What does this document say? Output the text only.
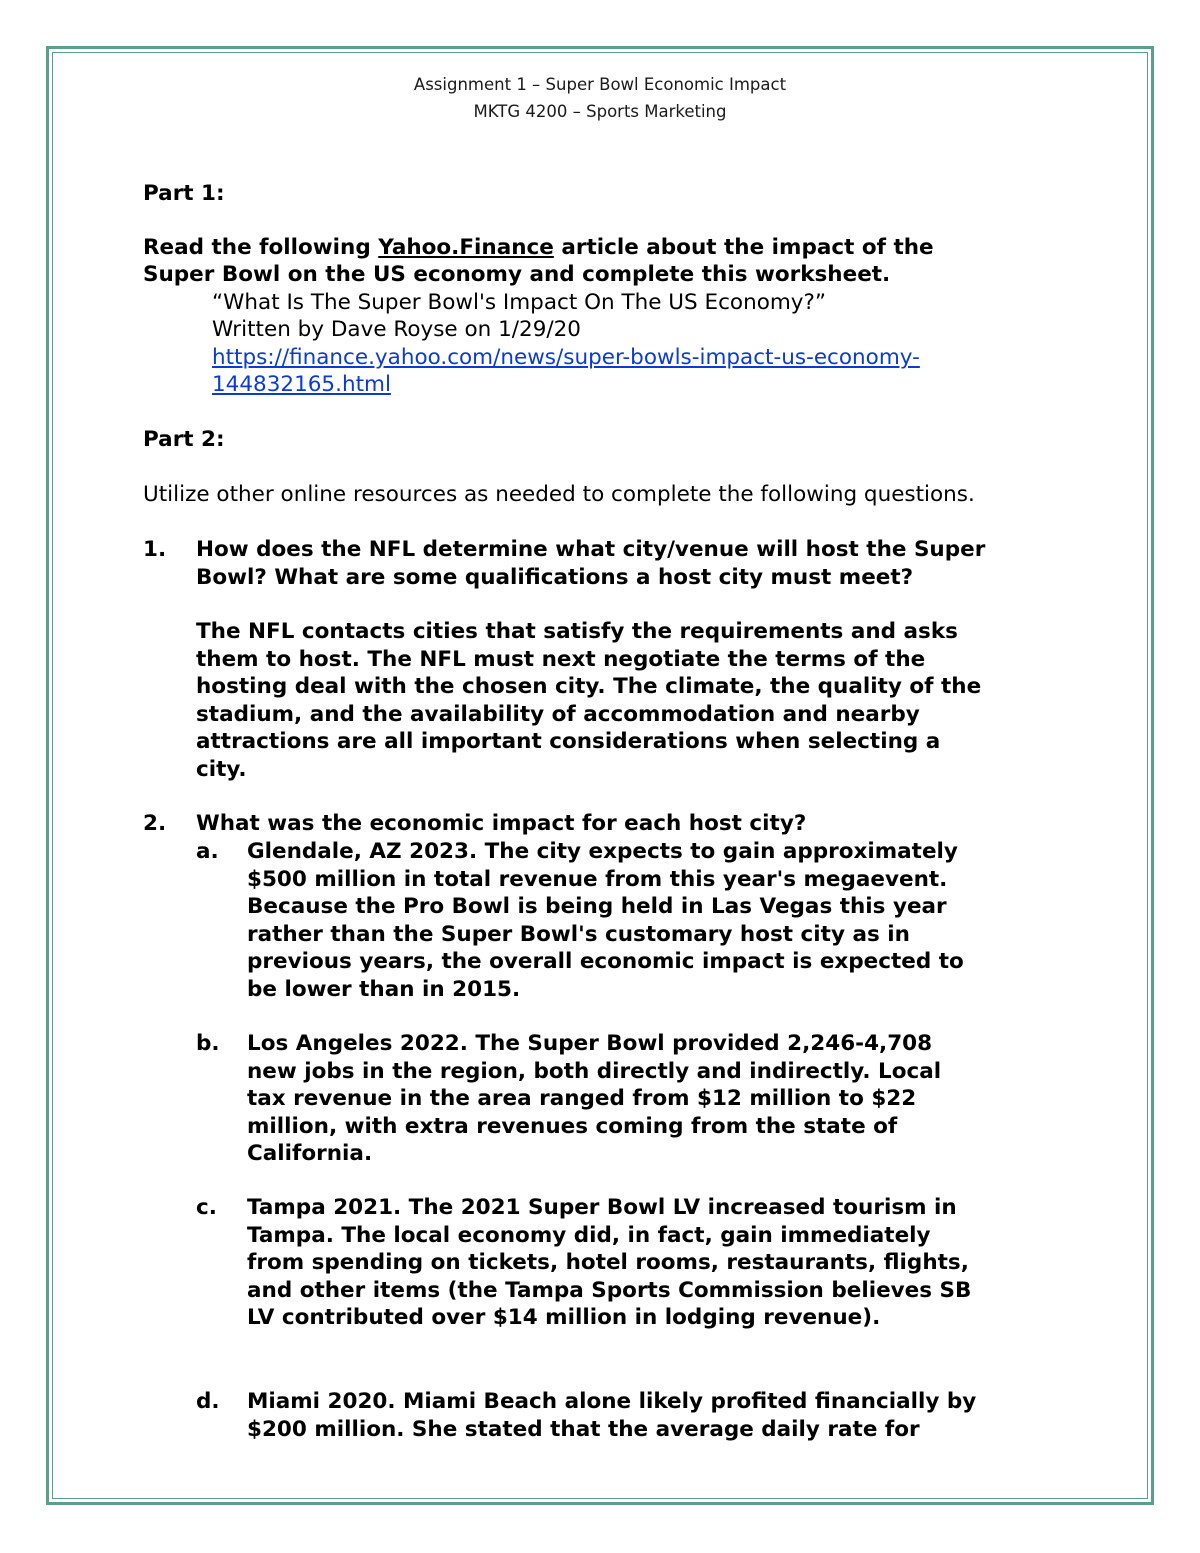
Assignment 1 – Super Bowl Economic Impact
MKTG 4200 – Sports Marketing
Part 1:
Read the following Yahoo.Finance article about the impact of the
Super Bowl on the US economy and complete this worksheet.
“What Is The Super Bowl's Impact On The US Economy?”
Written by Dave Royse on 1/29/20
https://finance.yahoo.com/news/super-bowls-impact-us-economy-
144832165.html
Part 2:
Utilize other online resources as needed to complete the following questions.
1. How does the NFL determine what city/venue will host the Super
Bowl? What are some qualifications a host city must meet?
The NFL contacts cities that satisfy the requirements and asks
them to host. The NFL must next negotiate the terms of the
hosting deal with the chosen city. The climate, the quality of the
stadium, and the availability of accommodation and nearby
attractions are all important considerations when selecting a
city.
2. What was the economic impact for each host city?
a. Glendale, AZ 2023. The city expects to gain approximately
$500 million in total revenue from this year's megaevent.
Because the Pro Bowl is being held in Las Vegas this year
rather than the Super Bowl's customary host city as in
previous years, the overall economic impact is expected to
be lower than in 2015.
b. Los Angeles 2022. The Super Bowl provided 2,246-4,708
new jobs in the region, both directly and indirectly. Local
tax revenue in the area ranged from $12 million to $22
million, with extra revenues coming from the state of
California.
c. Tampa 2021. The 2021 Super Bowl LV increased tourism in
Tampa. The local economy did, in fact, gain immediately
from spending on tickets, hotel rooms, restaurants, flights,
and other items (the Tampa Sports Commission believes SB
LV contributed over $14 million in lodging revenue).
d. Miami 2020. Miami Beach alone likely profited financially by
$200 million. She stated that the average daily rate for
